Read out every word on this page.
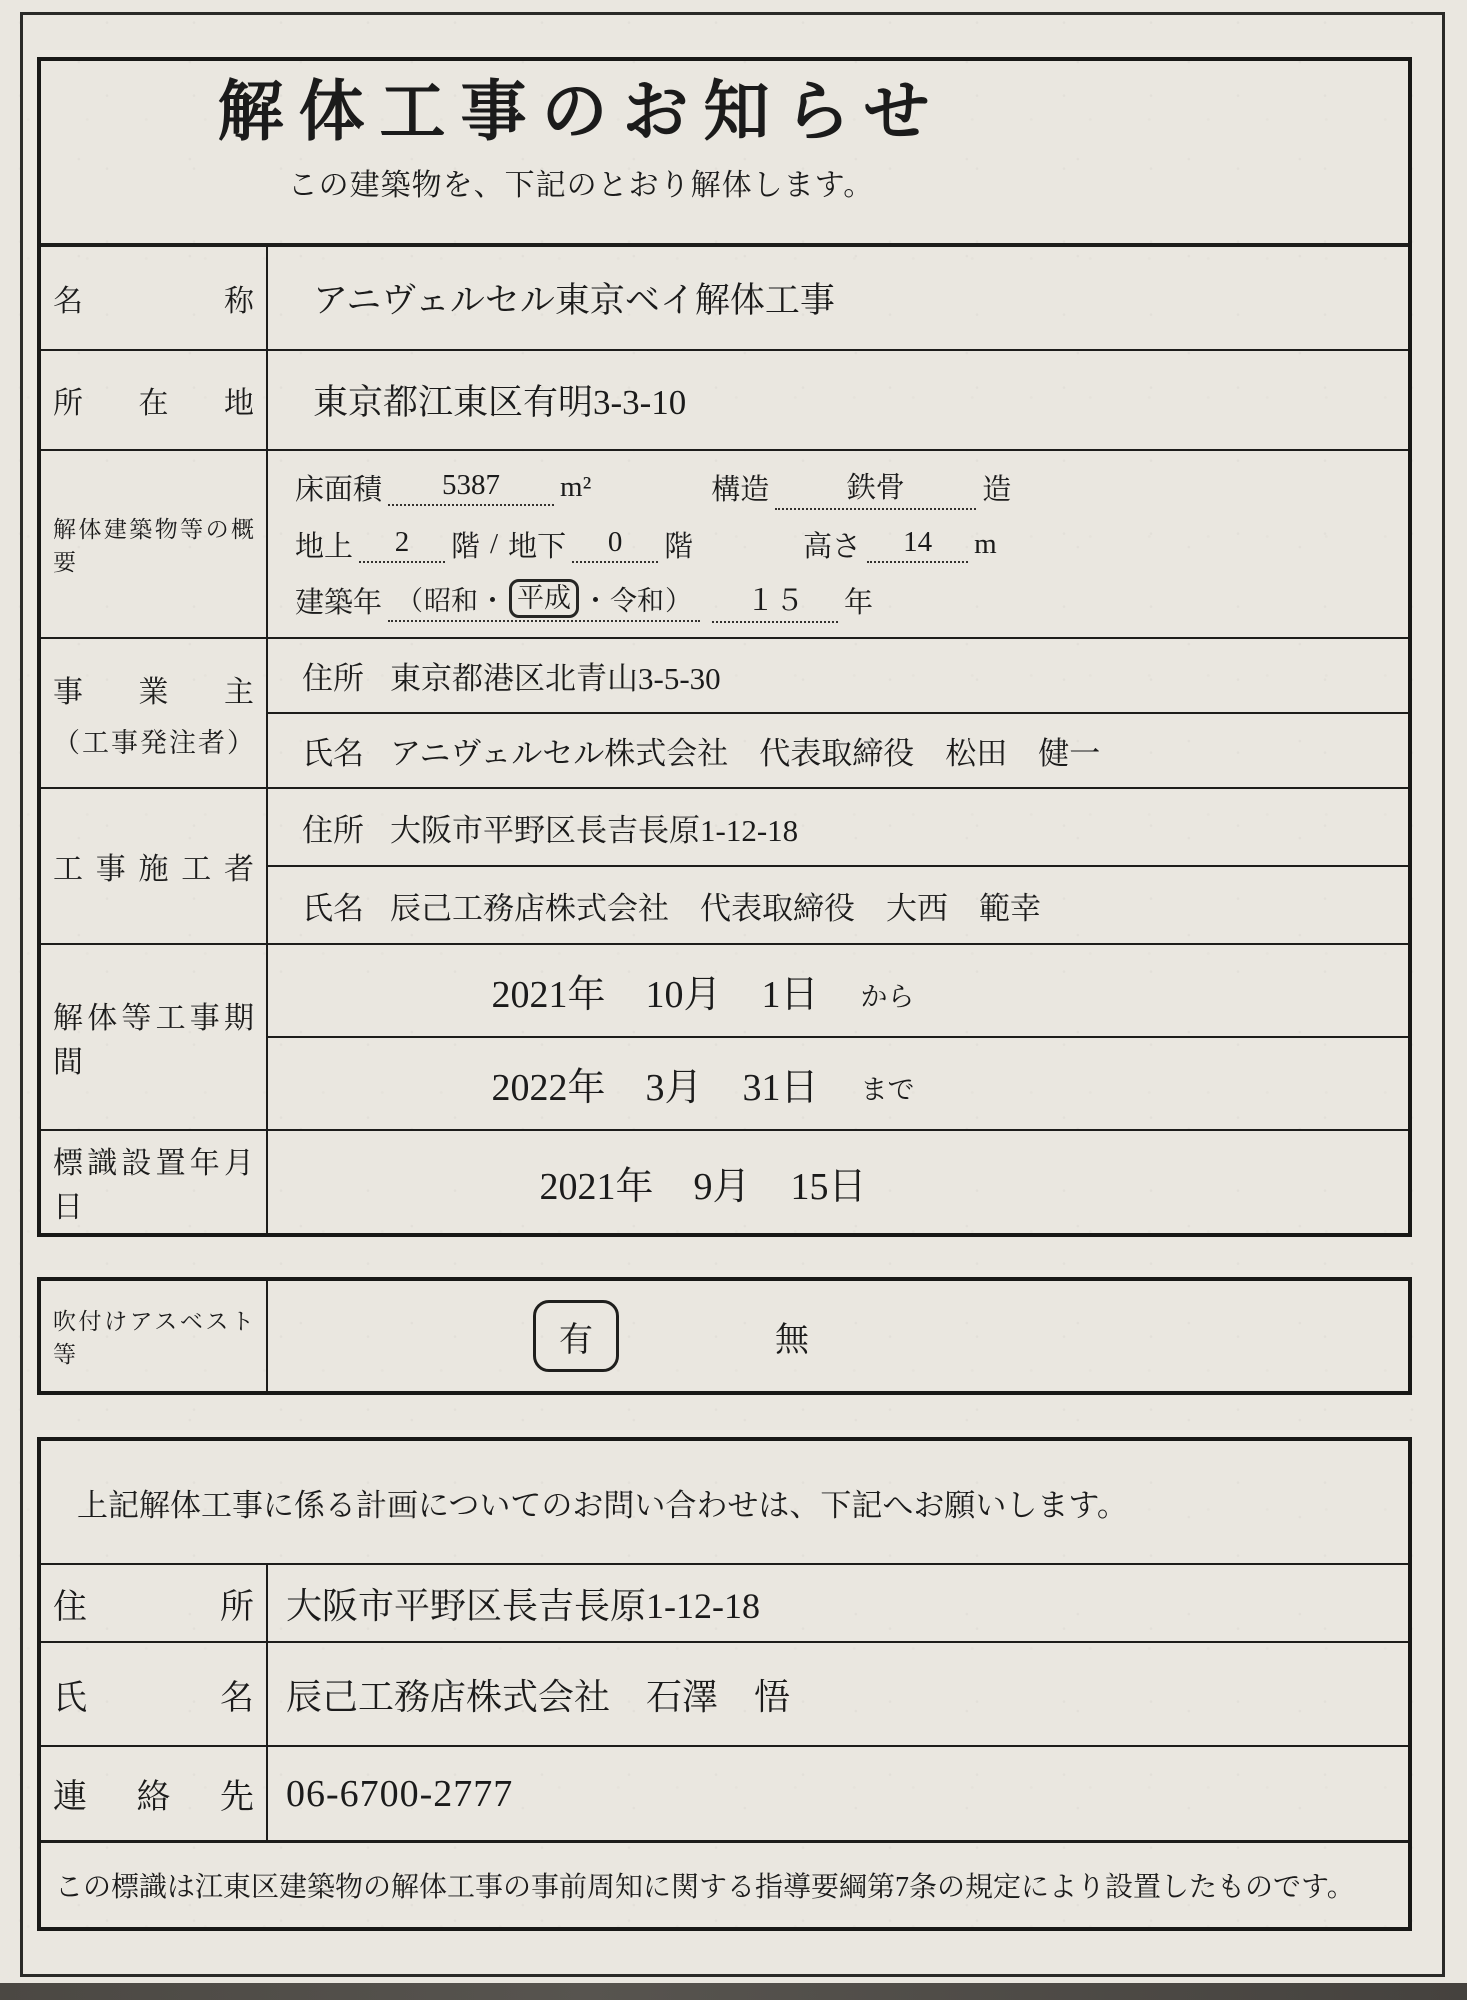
解体工事のお知らせ

この建築物を、下記のとおり解体します。

名称 アニヴェルセル東京ベイ解体工事
所在地 東京都江東区有明3-3-10
解体建築物等の概要
床面積	5387	m²	構造	鉄骨	造
地上	2	階 / 地下	0	階	高さ	14	m
建築年 （ 昭和 ・ 平成 ・ 令和 ）	１５	年
事業主
（工事発注者）
住所 東京都港区北青山3-5-30
氏名 アニヴェルセル株式会社　代表取締役　松田　健一
工事施工者
住所 大阪市平野区長吉長原1-12-18
氏名 辰己工務店株式会社　代表取締役　大西　範幸
解体等工事期間
2021年 10月 1日 から
2022年 3月 31日 まで
標識設置年月日	2021年 9月 15日
吹付けアスベスト等	有	無
上記解体工事に係る計画についてのお問い合わせは、下記へお願いします。
住所 大阪市平野区長吉長原1-12-18
氏名 辰己工務店株式会社　石澤　悟
連絡先 06-6700-2777
この標識は江東区建築物の解体工事の事前周知に関する指導要綱第7条の規定により設置したものです。
